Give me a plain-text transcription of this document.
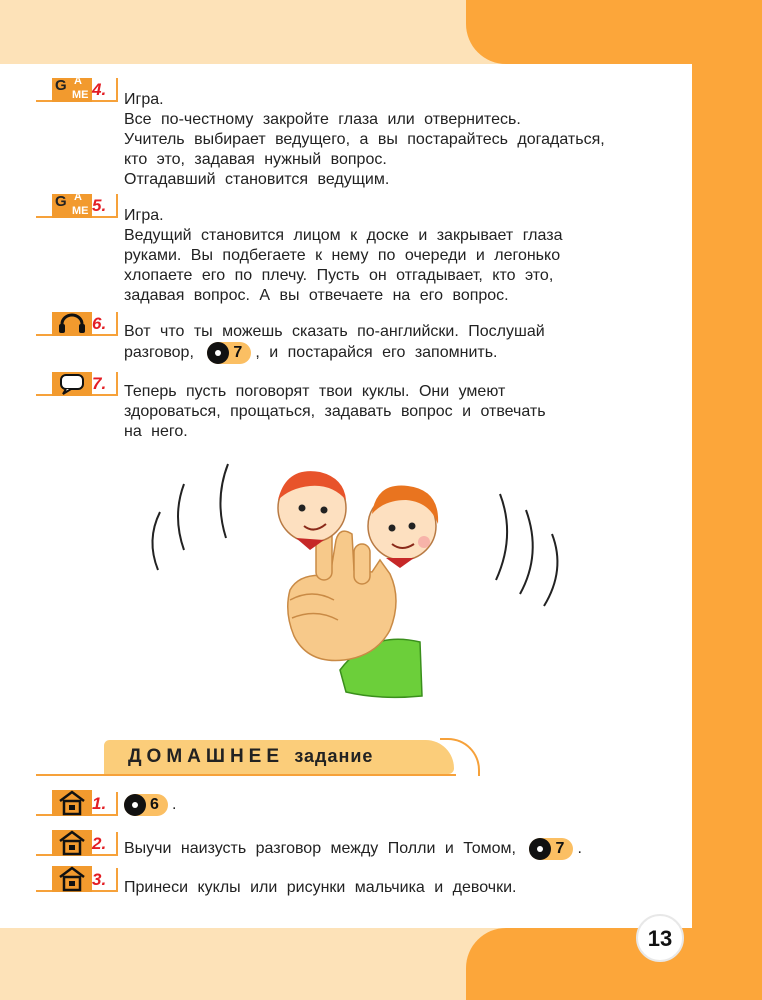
G A
ME 4.
Игра.
Все по-честному закройте глаза или отвернитесь.
Учитель выбирает ведущего, а вы постарайтесь догадаться,
кто это, задавая нужный вопрос.
Отгадавший становится ведущим.
G A
ME 5.
Игра.
Ведущий становится лицом к доске и закрывает глаза
руками. Вы подбегаете к нему по очереди и легонько
хлопаете его по плечу. Пусть он отгадывает, кто это,
задавая вопрос. А вы отвечаете на его вопрос.
6. Вот что ты можешь сказать по-английски. Послушай
разговор, 7 , и постарайся его запомнить.
7. Теперь пусть поговорят твои куклы. Они умеют
здороваться, прощаться, задавать вопрос и отвечать
на него.
ДОМАШНЕЕ задание
1.	6 .
2. Выучи наизусть разговор между Полли и Томом, 7 .
3. Принеси куклы или рисунки мальчика и девочки.
13
